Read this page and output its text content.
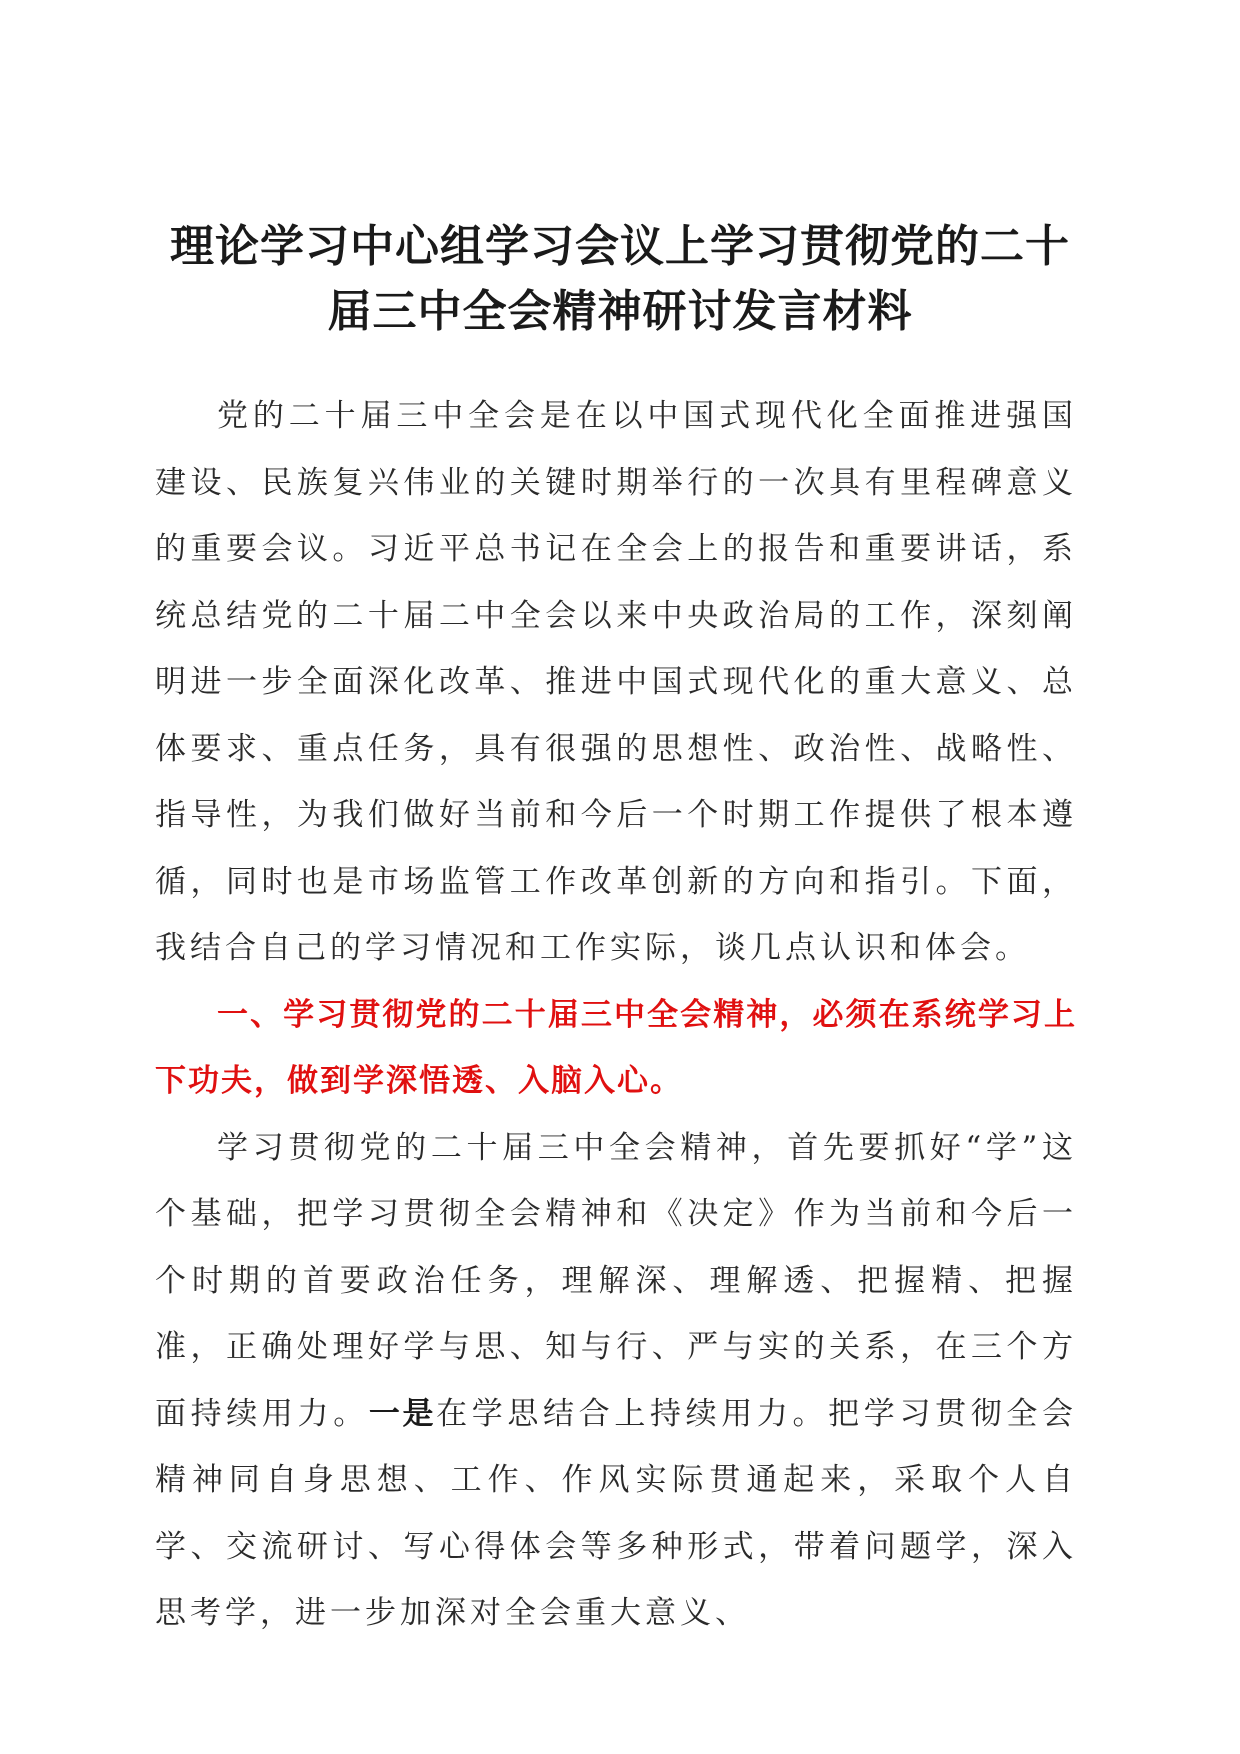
理论学习中心组学习会议上学习贯彻党的二十
届三中全会精神研讨发言材料

党的二十届三中全会是在以中国式现代化全面推进强国建设、民族复兴伟业的关键时期举行的一次具有里程碑意义的重要会议。习近平总书记在全会上的报告和重要讲话，系统总结党的二十届二中全会以来中央政治局的工作，深刻阐明进一步全面深化改革、推进中国式现代化的重大意义、总体要求、重点任务，具有很强的思想性、政治性、战略性、指导性，为我们做好当前和今后一个时期工作提供了根本遵循，同时也是市场监管工作改革创新的方向和指引。下面，我结合自己的学习情况和工作实际，谈几点认识和体会。

一、学习贯彻党的二十届三中全会精神，必须在系统学习上下功夫，做到学深悟透、入脑入心。

学习贯彻党的二十届三中全会精神，首先要抓好“学”这个基础，把学习贯彻全会精神和《决定》作为当前和今后一个时期的首要政治任务，理解深、理解透、把握精、把握准，正确处理好学与思、知与行、严与实的关系，在三个方面持续用力。一是在学思结合上持续用力。把学习贯彻全会精神同自身思想、工作、作风实际贯通起来，采取个人自学、交流研讨、写心得体会等多种形式，带着问题学，深入思考学，进一步加深对全会重大意义、
